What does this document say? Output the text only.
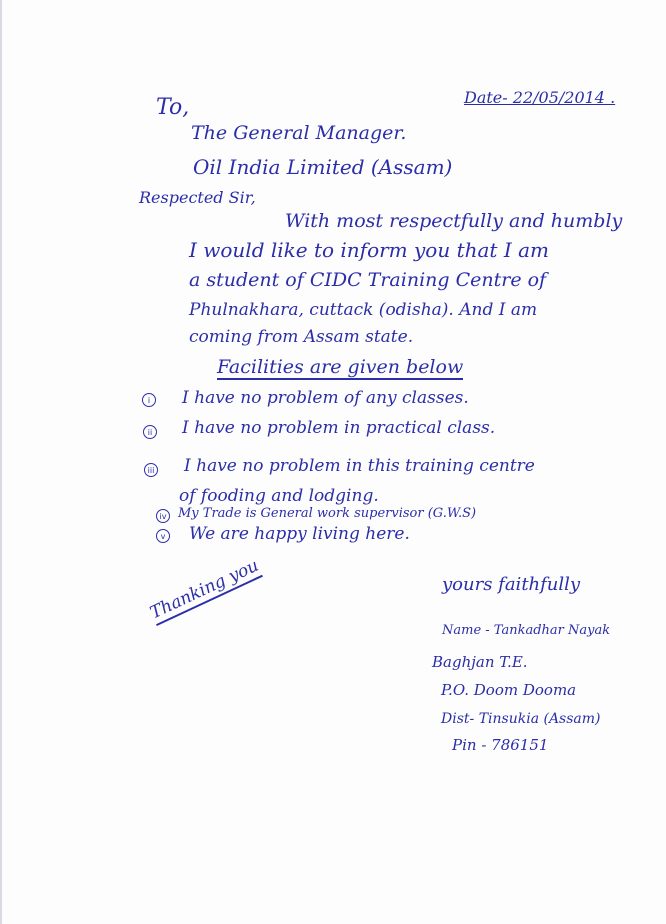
To,	Date- 22/05/2014 .
The General Manager.
Oil India Limited (Assam)
Respected Sir,
With most respectfully and humbly
I would like to inform you that I am
a student of CIDC Training Centre of
Phulnakhara, cuttack (odisha). And I am
coming from Assam state.
Facilities are given below
i	I have no problem of any classes.
ii I have no problem in practical class.
iii I have no problem in this training centre
of fooding and lodging.
iv My Trade is General work supervisor (G.W.S)
v We are happy living here.
Thanking you	yours faithfully
Name - Tankadhar Nayak
Baghjan T.E.
P.O. Doom Dooma
Dist- Tinsukia (Assam)
Pin - 786151
